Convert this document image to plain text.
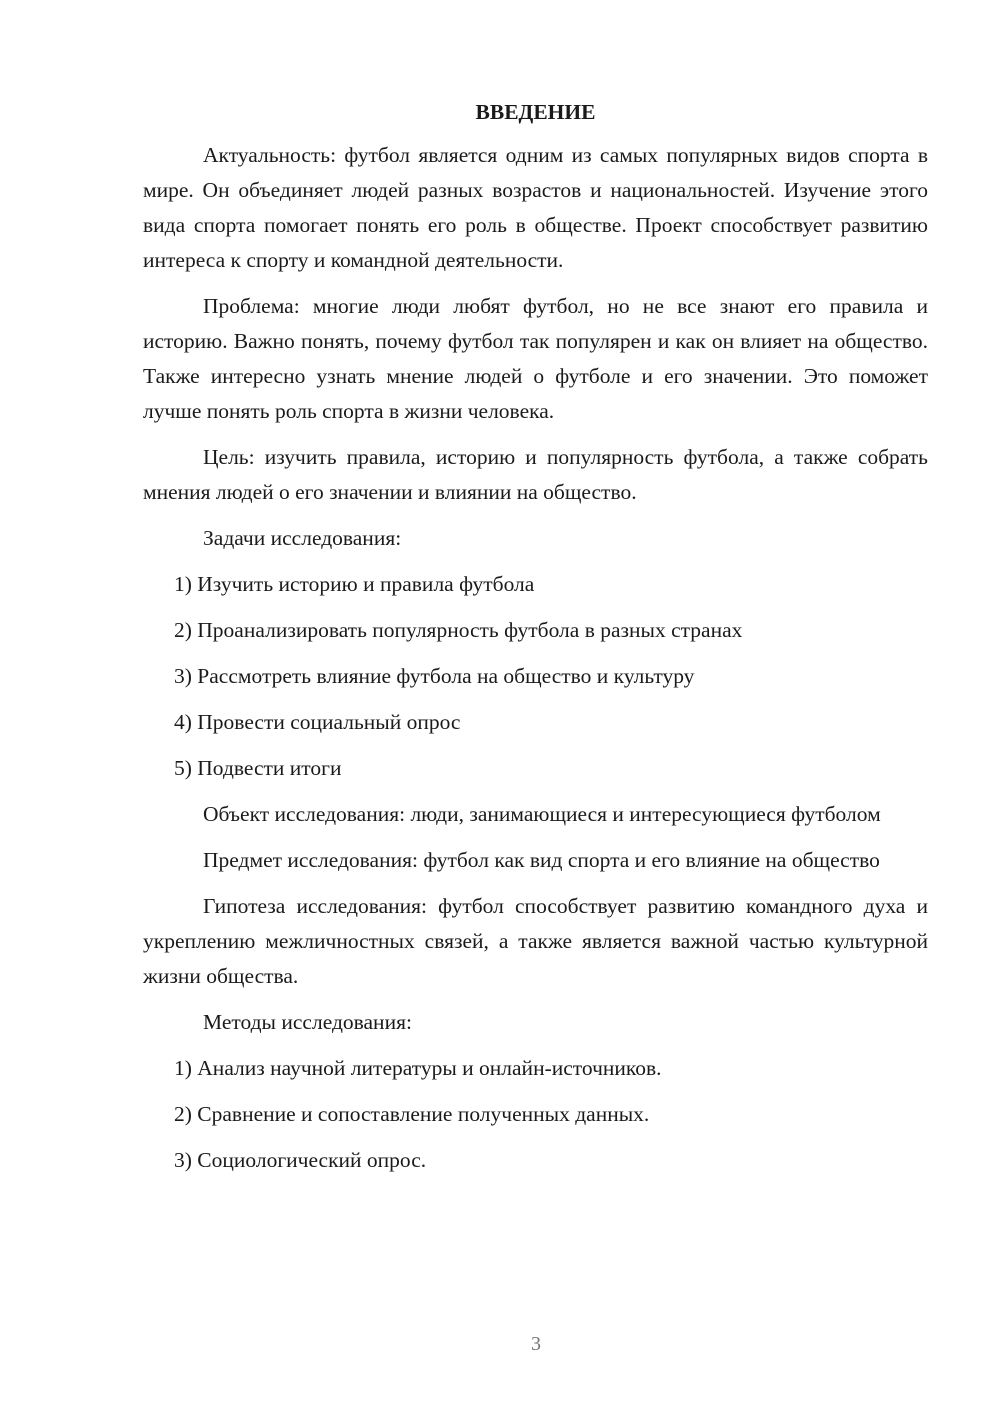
ВВЕДЕНИЕ

Актуальность: футбол является одним из самых популярных видов спорта в мире. Он объединяет людей разных возрастов и национальностей. Изучение этого вида спорта помогает понять его роль в обществе. Проект способствует развитию интереса к спорту и командной деятельности.

Проблема: многие люди любят футбол, но не все знают его правила и историю. Важно понять, почему футбол так популярен и как он влияет на общество. Также интересно узнать мнение людей о футболе и его значении. Это поможет лучше понять роль спорта в жизни человека.

Цель: изучить правила, историю и популярность футбола, а также собрать мнения людей о его значении и влиянии на общество.

Задачи исследования:

1) Изучить историю и правила футбола
2) Проанализировать популярность футбола в разных странах
3) Рассмотреть влияние футбола на общество и культуру
4) Провести социальный опрос
5) Подвести итоги

Объект исследования: люди, занимающиеся и интересующиеся футболом

Предмет исследования: футбол как вид спорта и его влияние на общество

Гипотеза исследования: футбол способствует развитию командного духа и укреплению межличностных связей, а также является важной частью культурной жизни общества.

Методы исследования:

1) Анализ научной литературы и онлайн-источников.
2) Сравнение и сопоставление полученных данных.
3) Социологический опрос.
3
